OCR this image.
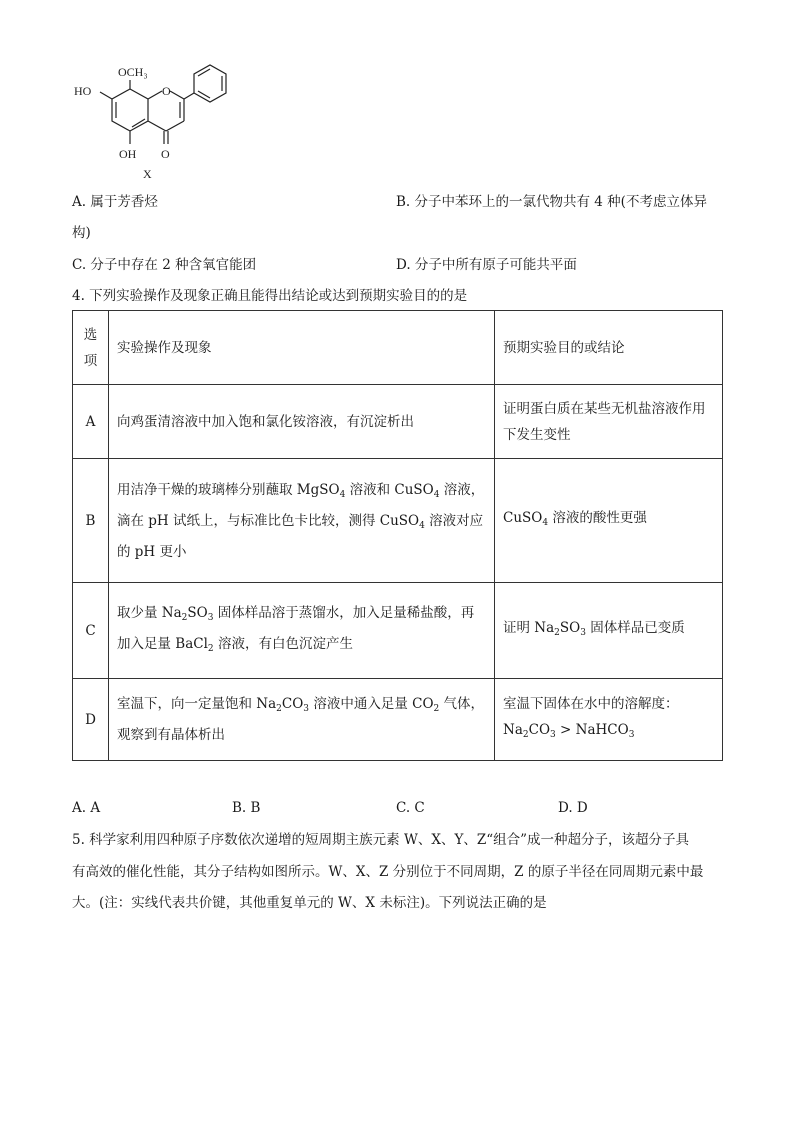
OCH₃
O
HO
OH O
X
A. 属于芳香烃	B. 分子中苯环上的一氯代物共有 4 种(不考虑立体异
构)
C. 分子中存在 2 种含氧官能团	D. 分子中所有原子可能共平面
4. 下列实验操作及现象正确且能得出结论或达到预期实验目的的是
选项	实验操作及现象	预期实验目的或结论
A	向鸡蛋清溶液中加入饱和氯化铵溶液，有沉淀析出	证明蛋白质在某些无机盐溶液作用下发生变性
B	用洁净干燥的玻璃棒分别蘸取 MgSO$_4$ 溶液和 CuSO$_4$ 溶液，滴在 pH 试纸上，与标准比色卡比较，测得 CuSO$_4$ 溶液对应的 pH 更小	CuSO$_4$ 溶液的酸性更强
C	取少量 $Na_2SO_3$ 固体样品溶于蒸馏水，加入足量稀盐酸，再加入足量 BaCl$_2$ 溶液，有白色沉淀产生	证明 $Na_2SO_3$ 固体样品已变质
D	室温下，向一定量饱和 $Na_2CO_3$ 溶液中通入足量 $CO_2$ 气体，观察到有晶体析出	室温下固体在水中的溶解度：
$Na_2CO_3$ > NaHCO$_3$
A. A	B. B	C. C	D. D
5. 科学家利用四种原子序数依次递增的短周期主族元素 W、X、Y、Z“组合”成一种超分子，该超分子具
有高效的催化性能，其分子结构如图所示。W、X、Z 分别位于不同周期，Z 的原子半径在同周期元素中最
大。(注：实线代表共价键，其他重复单元的 W、X 未标注)。下列说法正确的是
